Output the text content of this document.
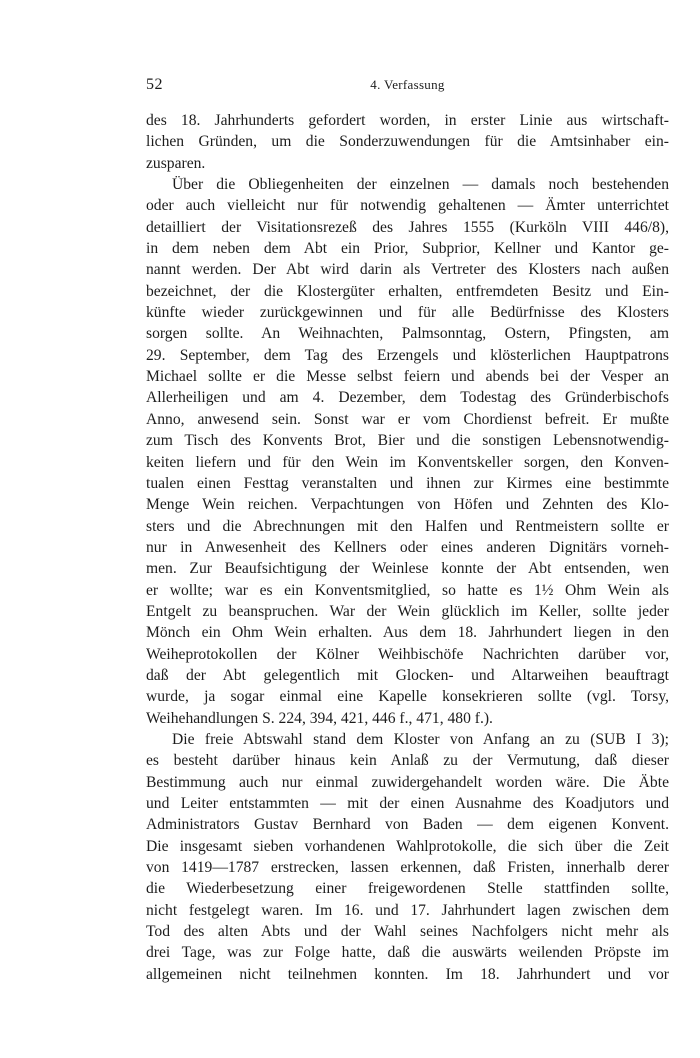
52	4. Verfassung
des 18. Jahrhunderts gefordert worden, in erster Linie aus wirtschaft-
lichen Gründen, um die Sonderzuwendungen für die Amtsinhaber ein-
zusparen.
Über die Obliegenheiten der einzelnen — damals noch bestehenden
oder auch vielleicht nur für notwendig gehaltenen — Ämter unterrichtet
detailliert der Visitationsrezeß des Jahres 1555 (Kurköln VIII 446/8),
in dem neben dem Abt ein Prior, Subprior, Kellner und Kantor ge-
nannt werden. Der Abt wird darin als Vertreter des Klosters nach außen
bezeichnet, der die Klostergüter erhalten, entfremdeten Besitz und Ein-
künfte wieder zurückgewinnen und für alle Bedürfnisse des Klosters
sorgen sollte. An Weihnachten, Palmsonntag, Ostern, Pfingsten, am
29. September, dem Tag des Erzengels und klösterlichen Hauptpatrons
Michael sollte er die Messe selbst feiern und abends bei der Vesper an
Allerheiligen und am 4. Dezember, dem Todestag des Gründerbischofs
Anno, anwesend sein. Sonst war er vom Chordienst befreit. Er mußte
zum Tisch des Konvents Brot, Bier und die sonstigen Lebensnotwendig-
keiten liefern und für den Wein im Konventskeller sorgen, den Konven-
tualen einen Festtag veranstalten und ihnen zur Kirmes eine bestimmte
Menge Wein reichen. Verpachtungen von Höfen und Zehnten des Klo-
sters und die Abrechnungen mit den Halfen und Rentmeistern sollte er
nur in Anwesenheit des Kellners oder eines anderen Dignitärs vorneh-
men. Zur Beaufsichtigung der Weinlese konnte der Abt entsenden, wen
er wollte; war es ein Konventsmitglied, so hatte es 1½ Ohm Wein als
Entgelt zu beanspruchen. War der Wein glücklich im Keller, sollte jeder
Mönch ein Ohm Wein erhalten. Aus dem 18. Jahrhundert liegen in den
Weiheprotokollen der Kölner Weihbischöfe Nachrichten darüber vor,
daß der Abt gelegentlich mit Glocken- und Altarweihen beauftragt
wurde, ja sogar einmal eine Kapelle konsekrieren sollte (vgl. Torsy,
Weihehandlungen S. 224, 394, 421, 446 f., 471, 480 f.).
Die freie Abtswahl stand dem Kloster von Anfang an zu (SUB I 3);
es besteht darüber hinaus kein Anlaß zu der Vermutung, daß dieser
Bestimmung auch nur einmal zuwidergehandelt worden wäre. Die Äbte
und Leiter entstammten — mit der einen Ausnahme des Koadjutors und
Administrators Gustav Bernhard von Baden — dem eigenen Konvent.
Die insgesamt sieben vorhandenen Wahlprotokolle, die sich über die Zeit
von 1419—1787 erstrecken, lassen erkennen, daß Fristen, innerhalb derer
die Wiederbesetzung einer freigewordenen Stelle stattfinden sollte,
nicht festgelegt waren. Im 16. und 17. Jahrhundert lagen zwischen dem
Tod des alten Abts und der Wahl seines Nachfolgers nicht mehr als
drei Tage, was zur Folge hatte, daß die auswärts weilenden Pröpste im
allgemeinen nicht teilnehmen konnten. Im 18. Jahrhundert und vor
